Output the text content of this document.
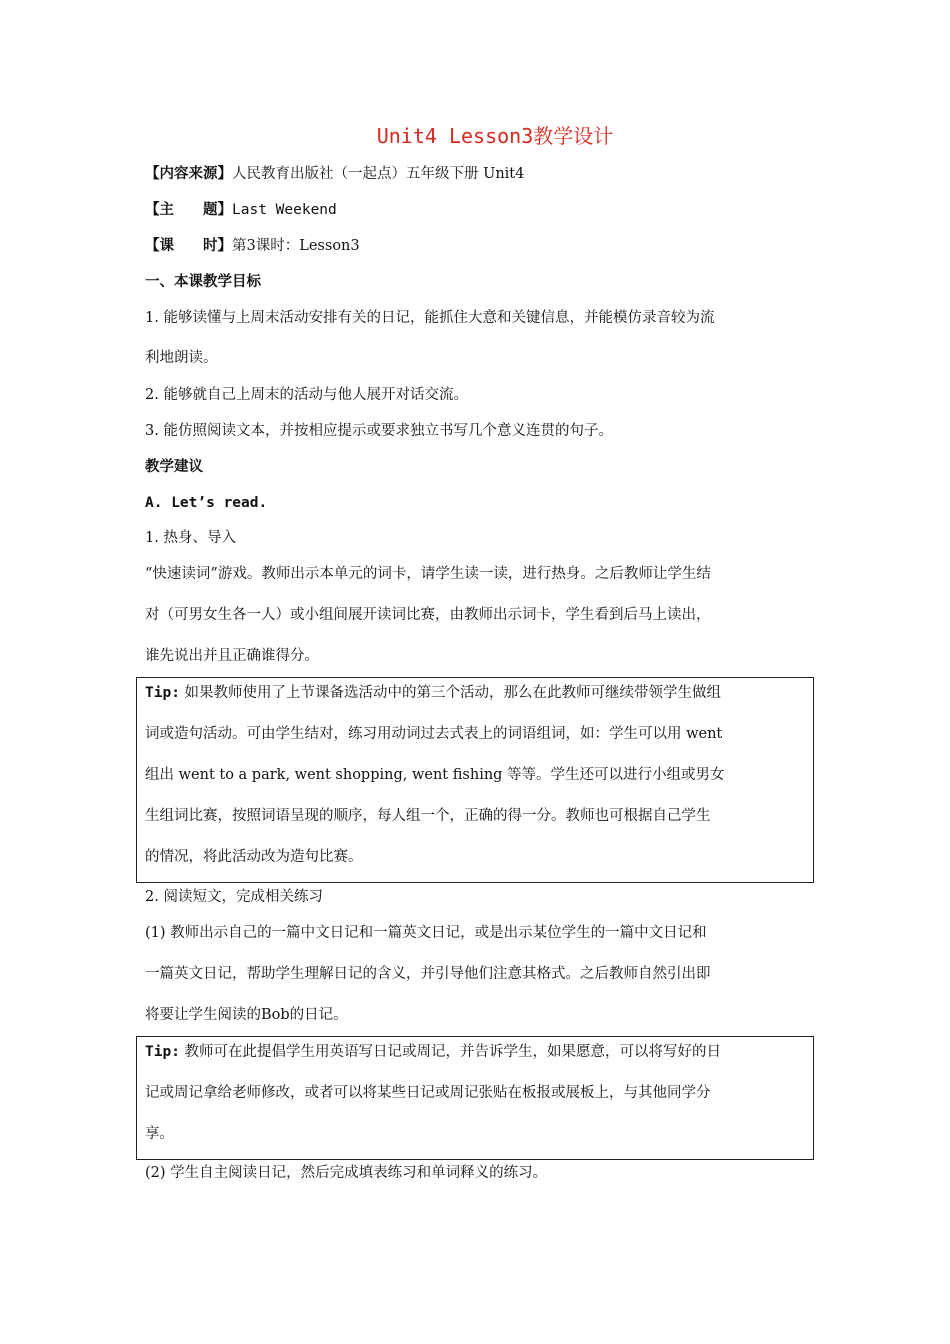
Unit4 Lesson3教学设计
【内容来源】人民教育出版社（一起点）五年级下册 Unit4
【主　　题】Last Weekend
【课　　时】第3课时：Lesson3
一、本课教学目标
1. 能够读懂与上周末活动安排有关的日记，能抓住大意和关键信息，并能模仿录音较为流
利地朗读。
2. 能够就自己上周末的活动与他人展开对话交流。
3. 能仿照阅读文本，并按相应提示或要求独立书写几个意义连贯的句子。
教学建议
A. Let’s read.
1. 热身、导入
“快速读词”游戏。教师出示本单元的词卡，请学生读一读，进行热身。之后教师让学生结
对（可男女生各一人）或小组间展开读词比赛，由教师出示词卡，学生看到后马上读出，
谁先说出并且正确谁得分。
Tip: 如果教师使用了上节课备选活动中的第三个活动，那么在此教师可继续带领学生做组
词或造句活动。可由学生结对，练习用动词过去式表上的词语组词，如：学生可以用 went
组出 went to a park, went shopping, went fishing 等等。学生还可以进行小组或男女
生组词比赛，按照词语呈现的顺序，每人组一个，正确的得一分。教师也可根据自己学生
的情况，将此活动改为造句比赛。
2. 阅读短文，完成相关练习
(1) 教师出示自己的一篇中文日记和一篇英文日记，或是出示某位学生的一篇中文日记和
一篇英文日记，帮助学生理解日记的含义，并引导他们注意其格式。之后教师自然引出即
将要让学生阅读的Bob的日记。
Tip: 教师可在此提倡学生用英语写日记或周记，并告诉学生，如果愿意，可以将写好的日
记或周记拿给老师修改，或者可以将某些日记或周记张贴在板报或展板上，与其他同学分
享。
(2) 学生自主阅读日记，然后完成填表练习和单词释义的练习。
